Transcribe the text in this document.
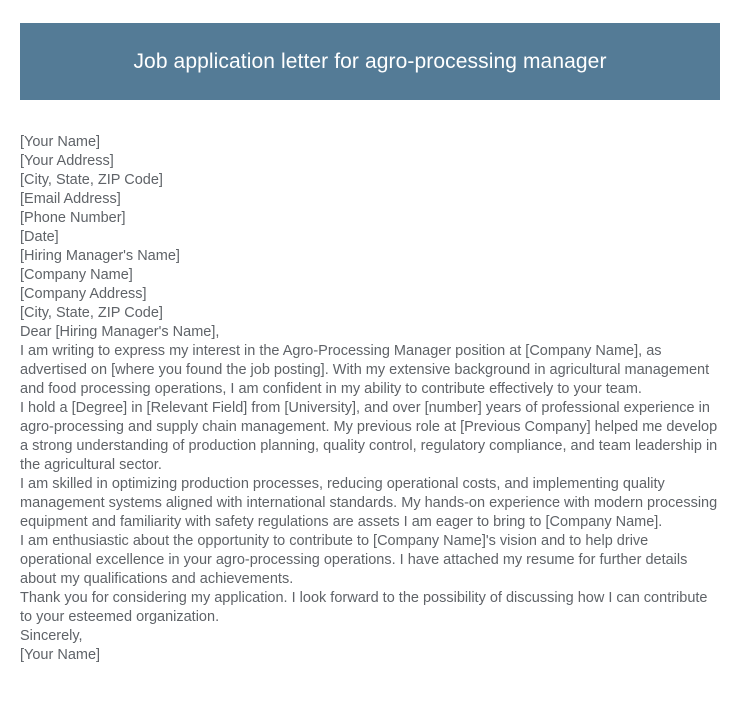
Job application letter for agro-processing manager
[Your Name]
[Your Address]
[City, State, ZIP Code]
[Email Address]
[Phone Number]
[Date]
[Hiring Manager's Name]
[Company Name]
[Company Address]
[City, State, ZIP Code]
Dear [Hiring Manager's Name],

I am writing to express my interest in the Agro-Processing Manager position at [Company Name], as advertised on [where you found the job posting]. With my extensive background in agricultural management and food processing operations, I am confident in my ability to contribute effectively to your team.

I hold a [Degree] in [Relevant Field] from [University], and over [number] years of professional experience in agro-processing and supply chain management. My previous role at [Previous Company] helped me develop a strong understanding of production planning, quality control, regulatory compliance, and team leadership in the agricultural sector.

I am skilled in optimizing production processes, reducing operational costs, and implementing quality management systems aligned with international standards. My hands-on experience with modern processing equipment and familiarity with safety regulations are assets I am eager to bring to [Company Name].

I am enthusiastic about the opportunity to contribute to [Company Name]'s vision and to help drive operational excellence in your agro-processing operations. I have attached my resume for further details about my qualifications and achievements.

Thank you for considering my application. I look forward to the possibility of discussing how I can contribute to your esteemed organization.

Sincerely,
[Your Name]
